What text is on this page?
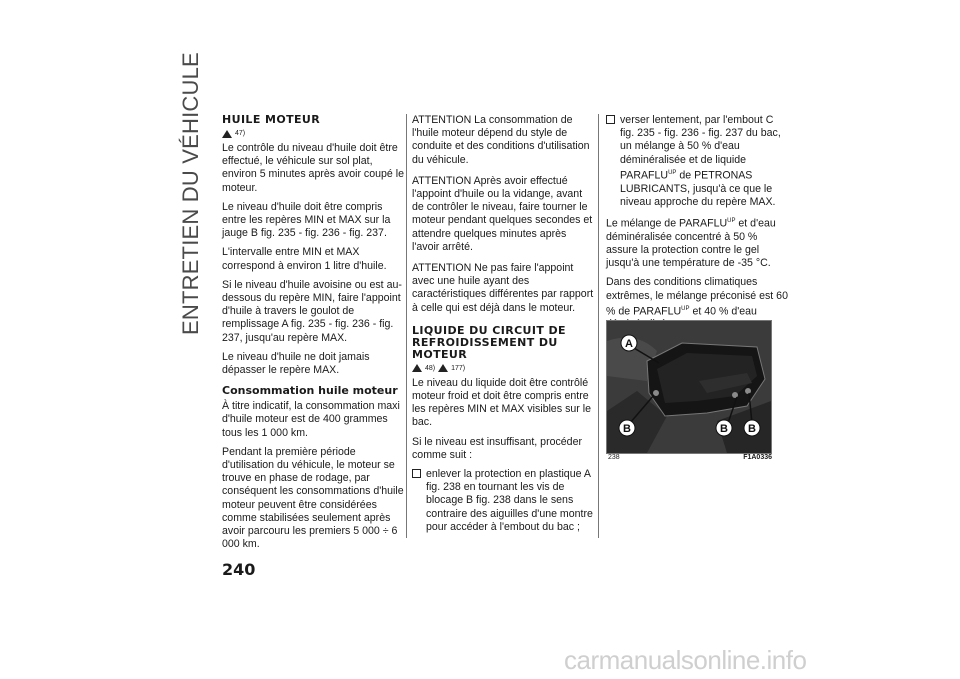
ENTRETIEN DU VÉHICULE HUILE MOTEUR
47)

Le contrôle du niveau d'huile doit être effectué, le véhicule sur sol plat, environ 5 minutes après avoir coupé le moteur.

Le niveau d'huile doit être compris entre les repères MIN et MAX sur la jauge B fig. 235 - fig. 236 - fig. 237.

L'intervalle entre MIN et MAX correspond à environ 1 litre d'huile.

Si le niveau d'huile avoisine ou est au-dessous du repère MIN, faire l'appoint d'huile à travers le goulot de remplissage A fig. 235 - fig. 236 - fig. 237, jusqu'au repère MAX.

Le niveau d'huile ne doit jamais dépasser le repère MAX.

Consommation huile moteur

À titre indicatif, la consommation maxi d'huile moteur est de 400 grammes tous les 1 000 km.

Pendant la première période d'utilisation du véhicule, le moteur se trouve en phase de rodage, par conséquent les consommations d'huile moteur peuvent être considérées comme stabilisées seulement après avoir parcouru les premiers 5 000 ÷ 6 000 km.

ATTENTION La consommation de l'huile moteur dépend du style de conduite et des conditions d'utilisation du véhicule.

ATTENTION Après avoir effectué l'appoint d'huile ou la vidange, avant de contrôler le niveau, faire tourner le moteur pendant quelques secondes et attendre quelques minutes après l'avoir arrêté.

ATTENTION Ne pas faire l'appoint avec une huile ayant des caractéristiques différentes par rapport à celle qui est déjà dans le moteur.

LIQUIDE DU CIRCUIT DE REFROIDISSEMENT DU MOTEUR
48) 177)

Le niveau du liquide doit être contrôlé moteur froid et doit être compris entre les repères MIN et MAX visibles sur le bac.

Si le niveau est insuffisant, procéder comme suit :

enlever la protection en plastique A fig. 238 en tournant les vis de blocage B fig. 238 dans le sens contraire des aiguilles d'une montre pour accéder à l'embout du bac ;
verser lentement, par l'embout C fig. 235 - fig. 236 - fig. 237 du bac, un mélange à 50 % d'eau déminéralisée et de liquide $PARAFLU^{UP}$ de PETRONAS LUBRICANTS, jusqu'à ce que le niveau approche du repère MAX.

Le mélange de $PARAFLU^{UP}$ et d'eau déminéralisée concentré à 50 % assure la protection contre le gel jusqu'à une température de -35 °C.

Dans des conditions climatiques extrêmes, le mélange préconisé est 60 % de $PARAFLU^{UP}$ et 40 % d'eau

A
B	B B
238	F1A0336
240
carmanualsonline.info
